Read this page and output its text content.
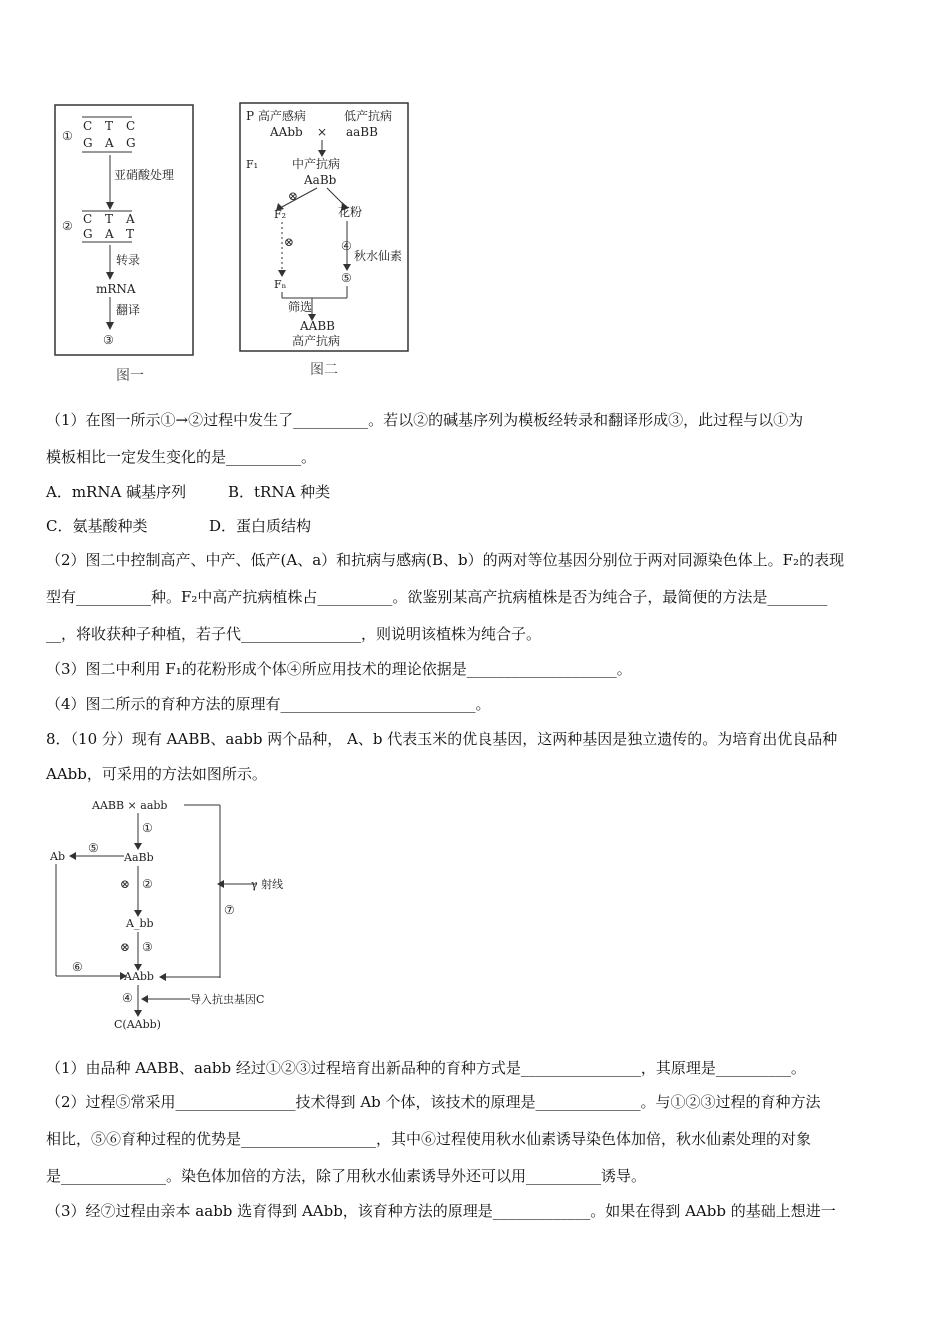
①
C T C
G A G
亚硝酸处理
② C T A
G A T
转录
mRNA
翻译
③
图一
P 高产感病	低产抗病
AAbb × aaBB
F₁	中产抗病
AaBb
⊗
F₂	花粉
⊗
Fₙ
④
秋水仙素
⑤
筛选
AABB
高产抗病
图二
（1）在图一所示①→②过程中发生了__________。若以②的碱基序列为模板经转录和翻译形成③，此过程与以①为
模板相比一定发生变化的是__________。
A．mRNA 碱基序列	B．tRNA 种类
C．氨基酸种类	D．蛋白质结构
（2）图二中控制高产、中产、低产(A、a）和抗病与感病(B、b）的两对等位基因分别位于两对同源染色体上。F₂的表现
型有__________种。F₂中高产抗病植株占__________。欲鉴别某高产抗病植株是否为纯合子，最简便的方法是________
__，将收获种子种植，若子代________________，则说明该植株为纯合子。
（3）图二中利用 F₁的花粉形成个体④所应用技术的理论依据是____________________。
（4）图二所示的育种方法的原理有__________________________。
8．（10 分）现有 AABB、aabb 两个品种， A、b 代表玉米的优良基因，这两种基因是独立遗传的。为培育出优良品种
AAbb，可采用的方法如图所示。
AABB × aabb
①
Ab
⑤
AaBb
⑥
⊗ ②
A_bb
⊗ ③
AAbb
γ 射线
⑦
④	导入抗虫基因C
C(AAbb)
（1）由品种 AABB、aabb 经过①②③过程培育出新品种的育种方式是________________，其原理是__________。
（2）过程⑤常采用________________技术得到 Ab 个体，该技术的原理是______________。与①②③过程的育种方法
相比，⑤⑥育种过程的优势是__________________，其中⑥过程使用秋水仙素诱导染色体加倍，秋水仙素处理的对象
是______________。染色体加倍的方法，除了用秋水仙素诱导外还可以用__________诱导。
（3）经⑦过程由亲本 aabb 选育得到 AAbb，该育种方法的原理是_____________。如果在得到 AAbb 的基础上想进一
